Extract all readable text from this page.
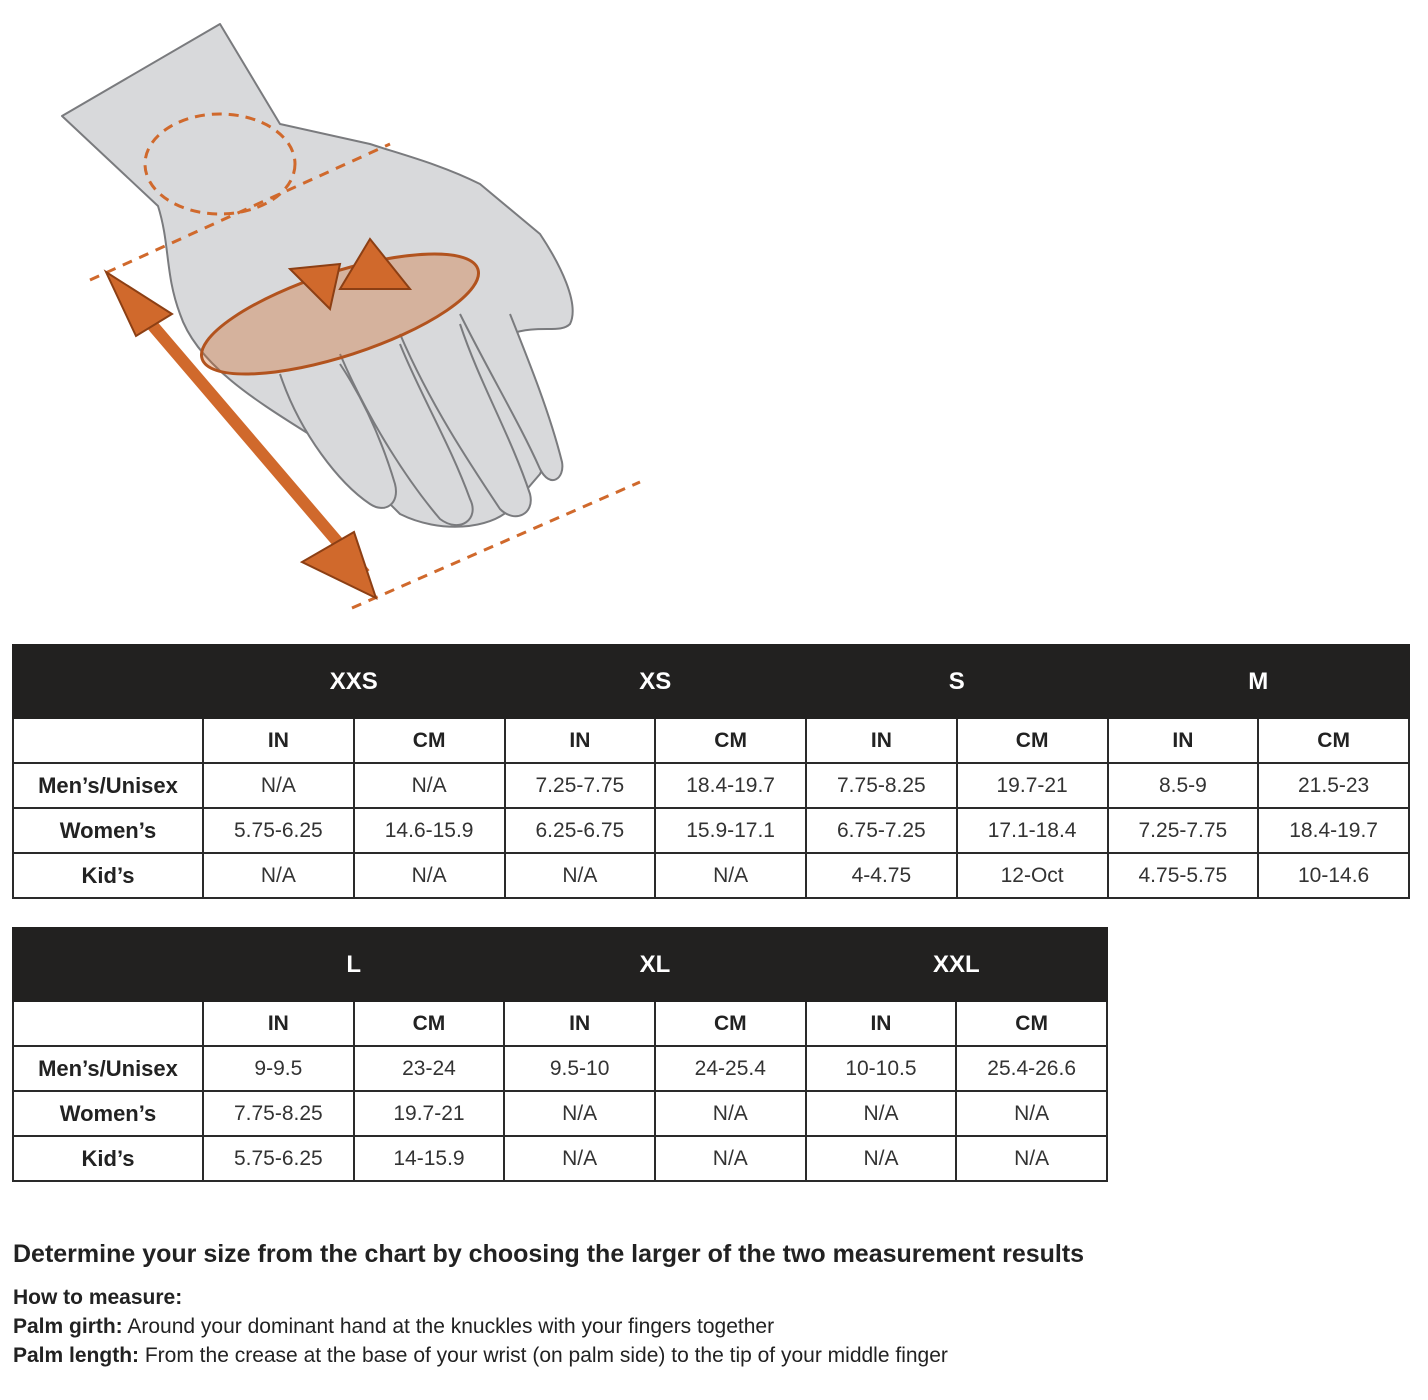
	XXS		XS		S		M	
	IN	CM	IN	CM	IN	CM	IN	CM
Men’s/Unisex	N/A	N/A	7.25-7.75	18.4-19.7	7.75-8.25	19.7-21	8.5-9	21.5-23
Women’s	5.75-6.25	14.6-15.9	6.25-6.75	15.9-17.1	6.75-7.25	17.1-18.4	7.25-7.75	18.4-19.7
Kid’s	N/A	N/A	N/A	N/A	4-4.75	12-Oct	4.75-5.75	10-14.6
	L		XL		XXL	
	IN	CM	IN	CM	IN	CM
Men’s/Unisex	9-9.5	23-24	9.5-10	24-25.4	10-10.5	25.4-26.6
Women’s	7.75-8.25	19.7-21	N/A	N/A	N/A	N/A
Kid’s	5.75-6.25	14-15.9	N/A	N/A	N/A	N/A

Determine your size from the chart by choosing the larger of the two measurement results

How to measure:

Palm girth: Around your dominant hand at the knuckles with your fingers together

Palm length: From the crease at the base of your wrist (on palm side) to the tip of your middle finger
